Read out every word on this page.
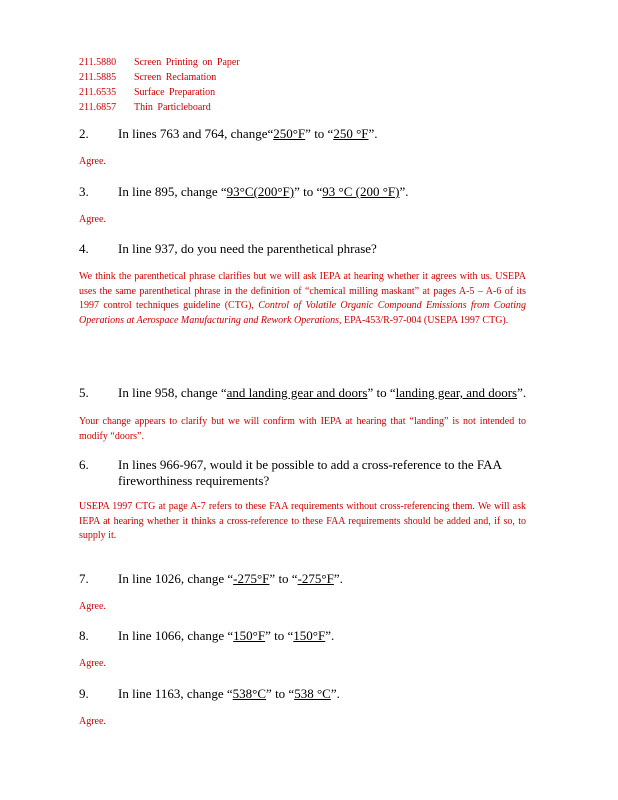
211.5880	Screen Printing on Paper
211.5885	Screen Reclamation
211.6535	Surface Preparation
211.6857	Thin Particleboard
2.	In lines 763 and 764, change“250°F” to “250 °F”.
Agree.
3.	In line 895, change “93°C(200°F)” to “93 °C (200 °F)”.
Agree.
4.	In line 937, do you need the parenthetical phrase?
We think the parenthetical phrase clarifies but we will ask IEPA at hearing whether it agrees with us. USEPA uses the same parenthetical phrase in the definition of “chemical milling maskant” at pages A-5 – A-6 of its 1997 control techniques guideline (CTG), Control of Volatile Organic Compound Emissions from Coating Operations at Aerospace Manufacturing and Rework Operations, EPA-453/R-97-004 (USEPA 1997 CTG).
5.	In line 958, change “and landing gear and doors” to “landing gear, and doors”.
Your change appears to clarify but we will confirm with IEPA at hearing that “landing” is not intended to modify “doors”.
6.	In lines 966-967, would it be possible to add a cross-reference to the FAA fireworthiness requirements?
USEPA 1997 CTG at page A-7 refers to these FAA requirements without cross-referencing them. We will ask IEPA at hearing whether it thinks a cross-reference to these FAA requirements should be added and, if so, to supply it.
7.	In line 1026, change “-275°F” to “-275°F”.
Agree.
8.	In line 1066, change “150°F” to “150°F”.
Agree.
9.	In line 1163, change “538°C” to “538 °C”.
Agree.
